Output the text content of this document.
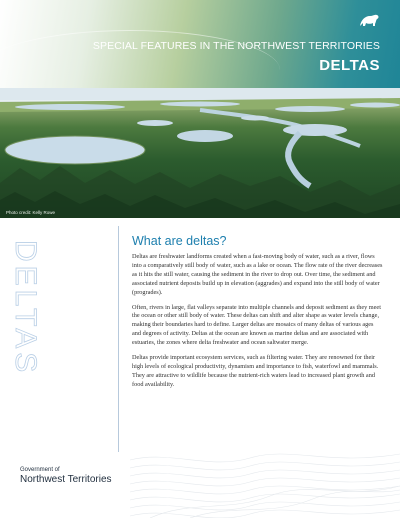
SPECIAL FEATURES IN THE NORTHWEST TERRITORIES
DELTAS
Photo credit: Kelly Rowe
DELTAS	What are deltas?

Deltas are freshwater landforms created when a fast-moving body of water, such as a river, flows into a comparatively still body of water, such as a lake or ocean. The flow rate of the river decreases as it hits the still water, causing the sediment in the river to drop out. Over time, the sediment and associated nutrient deposits build up in elevation (aggrades) and expand into the still body of water (progrades).

Often, rivers in large, flat valleys separate into multiple channels and deposit sediment as they meet the ocean or other still body of water. These deltas can shift and alter shape as water levels change, making their boundaries hard to define. Larger deltas are mosaics of many deltas of various ages and degrees of activity. Deltas at the ocean are known as marine deltas and are associated with estuaries, the zones where delta freshwater and ocean saltwater merge.

Deltas provide important ecosystem services, such as filtering water. They are renowned for their high levels of ecological productivity, dynamism and importance to fish, waterfowl and mammals. They are attractive to wildlife because the nutrient-rich waters lead to increased plant growth and food availability.

Government of
Northwest Territories
